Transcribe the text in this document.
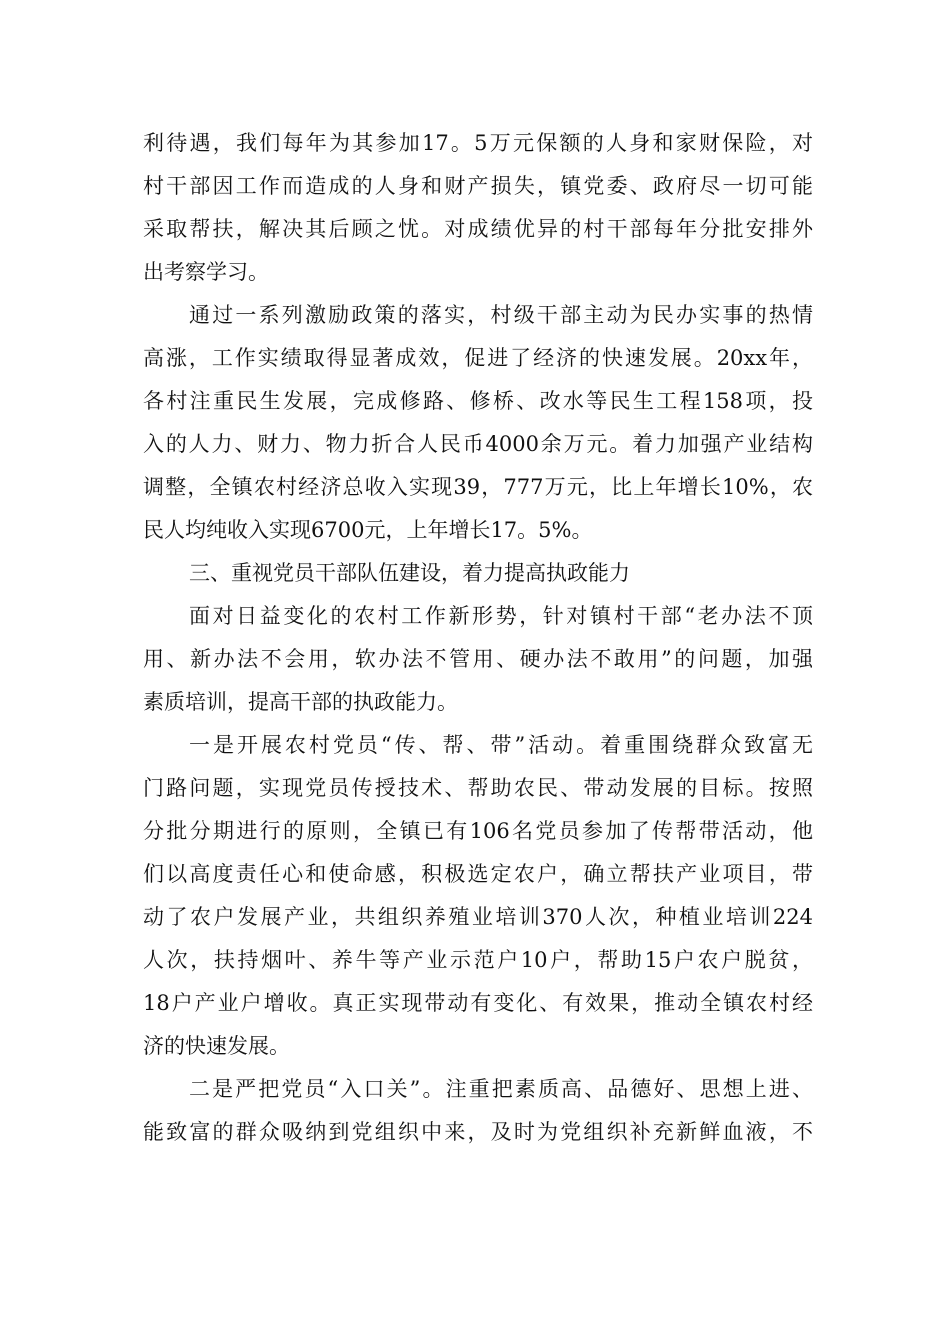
利待遇，我们每年为其参加17。5万元保额的人身和家财保险，对
村干部因工作而造成的人身和财产损失，镇党委、政府尽一切可能
采取帮扶，解决其后顾之忧。对成绩优异的村干部每年分批安排外
出考察学习。
通过一系列激励政策的落实，村级干部主动为民办实事的热情
高涨，工作实绩取得显著成效，促进了经济的快速发展。20xx年，
各村注重民生发展，完成修路、修桥、改水等民生工程158项，投
入的人力、财力、物力折合人民币4000余万元。着力加强产业结构
调整，全镇农村经济总收入实现39，777万元，比上年增长10%，农
民人均纯收入实现6700元，上年增长17。5%。
三、重视党员干部队伍建设，着力提高执政能力
面对日益变化的农村工作新形势，针对镇村干部“老办法不顶
用、新办法不会用，软办法不管用、硬办法不敢用”的问题，加强
素质培训，提高干部的执政能力。
一是开展农村党员“传、帮、带”活动。着重围绕群众致富无
门路问题，实现党员传授技术、帮助农民、带动发展的目标。按照
分批分期进行的原则，全镇已有106名党员参加了传帮带活动，他
们以高度责任心和使命感，积极选定农户，确立帮扶产业项目，带
动了农户发展产业，共组织养殖业培训370人次，种植业培训224
人次，扶持烟叶、养牛等产业示范户10户，帮助15户农户脱贫，
18户产业户增收。真正实现带动有变化、有效果，推动全镇农村经
济的快速发展。
二是严把党员“入口关”。注重把素质高、品德好、思想上进、
能致富的群众吸纳到党组织中来，及时为党组织补充新鲜血液，不
